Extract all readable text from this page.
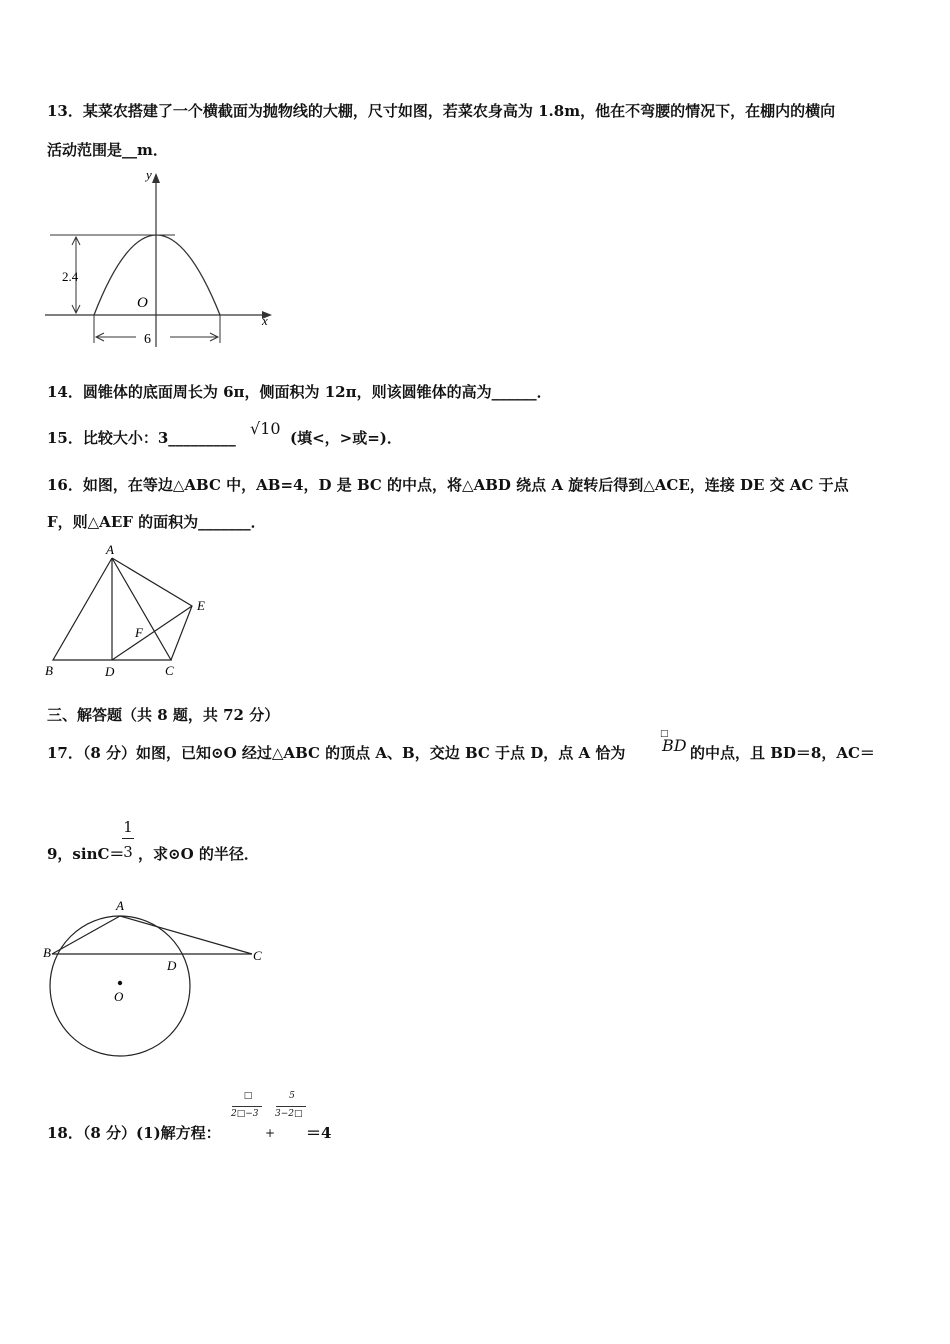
13．某菜农搭建了一个横截面为抛物线的大棚，尺寸如图，若菜农身高为 1.8m，他在不弯腰的情况下，在棚内的横向
活动范围是__m．
y
x
O
2.4
6
14．圆锥体的底面周长为 6π，侧面积为 12π，则该圆锥体的高为______．
15．比较大小：3_________ √10 (填<，>或=)．
16．如图，在等边△ABC 中，AB=4，D 是 BC 的中点，将△ABD 绕点 A 旋转后得到△ACE，连接 DE 交 AC 于点
F，则△AEF 的面积为_______．
A
B	C
D
E
F
三、解答题（共 8 题，共 72 分）
17．（8 分）如图，已知⊙O 经过△ABC 的顶点 A、B，交边 BC 于点 D，点 A 恰为
□
BD 的中点，且 BD＝8，AC＝
9，sinC＝
1
3 ，求⊙O 的半径．
A
B	C
D
O
18．（8 分）(1)解方程：
□
2□−3
+
5
3−2□
＝4
